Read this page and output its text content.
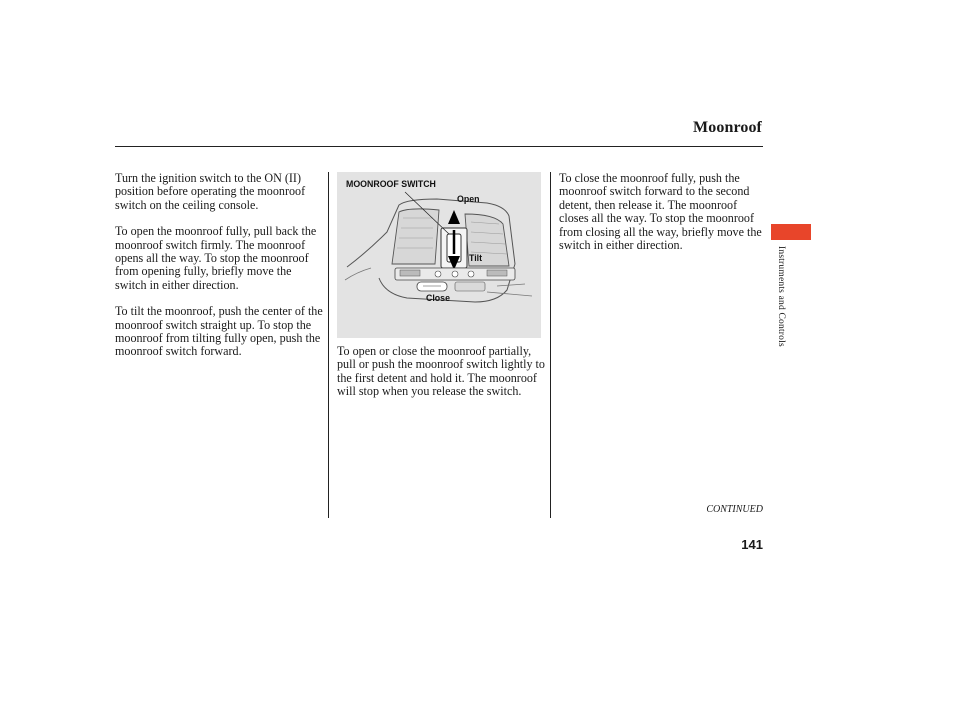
Moonroof

Turn the ignition switch to the ON (II) position before operating the moonroof switch on the ceiling console.

To open the moonroof fully, pull back the moonroof switch firmly. The moonroof opens all the way. To stop the moonroof from opening fully, briefly move the switch in either direction.

To tilt the moonroof, push the center of the moonroof switch straight up. To stop the moonroof from tilting fully open, push the moonroof switch forward.

MOONROOF SWITCH
Open
Tilt
Close

To open or close the moonroof partially, pull or push the moonroof switch lightly to the first detent and hold it. The moonroof will stop when you release the switch.

To close the moonroof fully, push the moonroof switch forward to the second detent, then release it. The moonroof closes all the way. To stop the moonroof from closing all the way, briefly move the switch in either direction.

Instruments and Controls
CONTINUED
141
